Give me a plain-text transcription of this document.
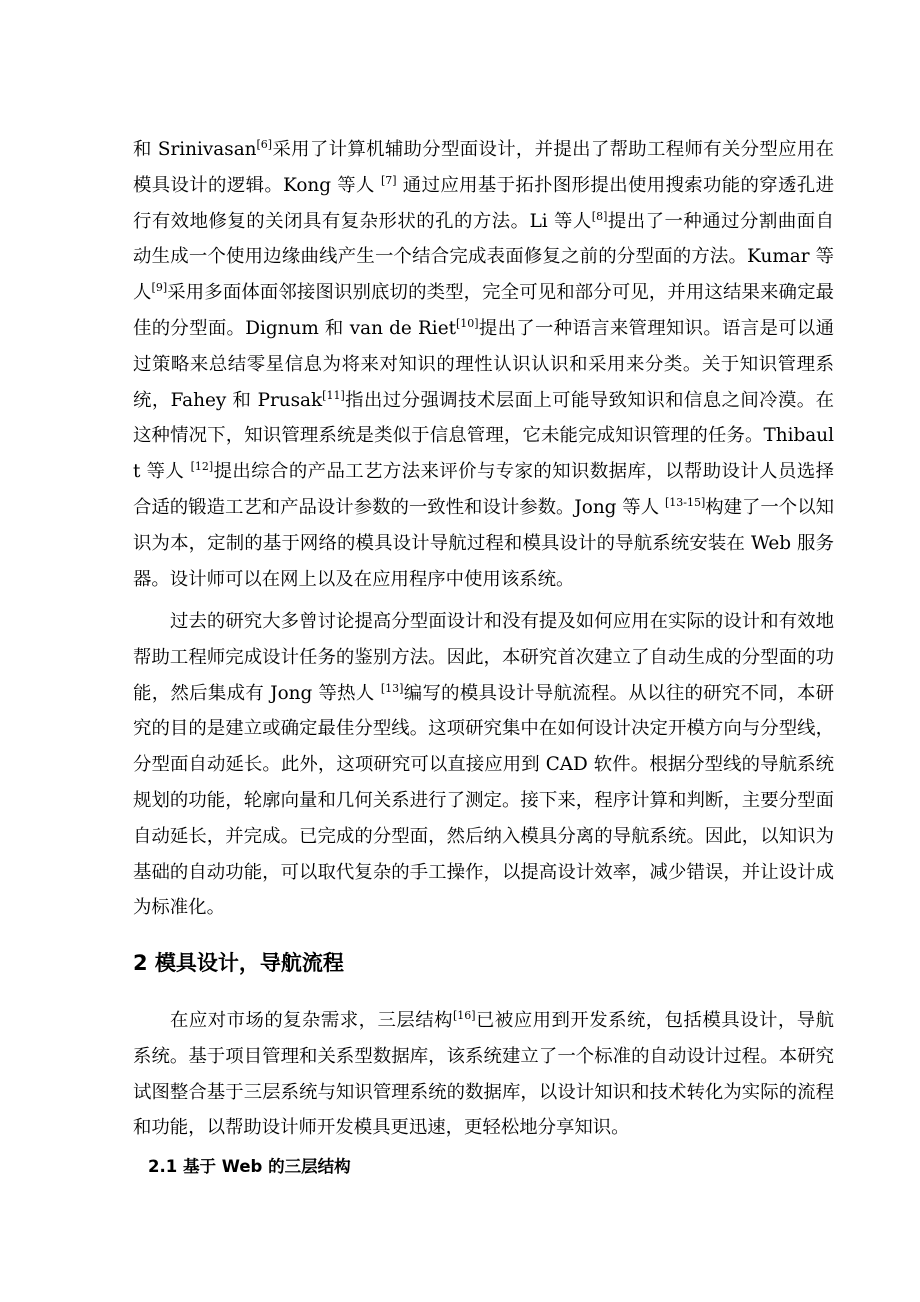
和 Srinivasan[6]采用了计算机辅助分型面设计，并提出了帮助工程师有关分型应用在模具设计的逻辑。Kong 等人 [7] 通过应用基于拓扑图形提出使用搜索功能的穿透孔进行有效地修复的关闭具有复杂形状的孔的方法。Li 等人[8]提出了一种通过分割曲面自动生成一个使用边缘曲线产生一个结合完成表面修复之前的分型面的方法。Kumar 等人[9]采用多面体面邻接图识别底切的类型，完全可见和部分可见，并用这结果来确定最佳的分型面。Dignum 和 van de Riet[10]提出了一种语言来管理知识。语言是可以通过策略来总结零星信息为将来对知识的理性认识认识和采用来分类。关于知识管理系统，Fahey 和 Prusak[11]指出过分强调技术层面上可能导致知识和信息之间冷漠。在这种情况下，知识管理系统是类似于信息管理，它未能完成知识管理的任务。Thibault 等人 [12]提出综合的产品工艺方法来评价与专家的知识数据库，以帮助设计人员选择合适的锻造工艺和产品设计参数的一致性和设计参数。Jong 等人 [13-15]构建了一个以知识为本，定制的基于网络的模具设计导航过程和模具设计的导航系统安装在 Web 服务器。设计师可以在网上以及在应用程序中使用该系统。

过去的研究大多曾讨论提高分型面设计和没有提及如何应用在实际的设计和有效地帮助工程师完成设计任务的鉴别方法。因此，本研究首次建立了自动生成的分型面的功能，然后集成有 Jong 等热人 [13]编写的模具设计导航流程。从以往的研究不同，本研究的目的是建立或确定最佳分型线。这项研究集中在如何设计决定开模方向与分型线，分型面自动延长。此外，这项研究可以直接应用到 CAD 软件。根据分型线的导航系统规划的功能，轮廓向量和几何关系进行了测定。接下来，程序计算和判断，主要分型面自动延长，并完成。已完成的分型面，然后纳入模具分离的导航系统。因此，以知识为基础的自动功能，可以取代复杂的手工操作，以提高设计效率，减少错误，并让设计成为标准化。

2 模具设计，导航流程

在应对市场的复杂需求，三层结构[16]已被应用到开发系统，包括模具设计，导航系统。基于项目管理和关系型数据库，该系统建立了一个标准的自动设计过程。本研究试图整合基于三层系统与知识管理系统的数据库，以设计知识和技术转化为实际的流程和功能，以帮助设计师开发模具更迅速，更轻松地分享知识。

2.1 基于 Web 的三层结构
